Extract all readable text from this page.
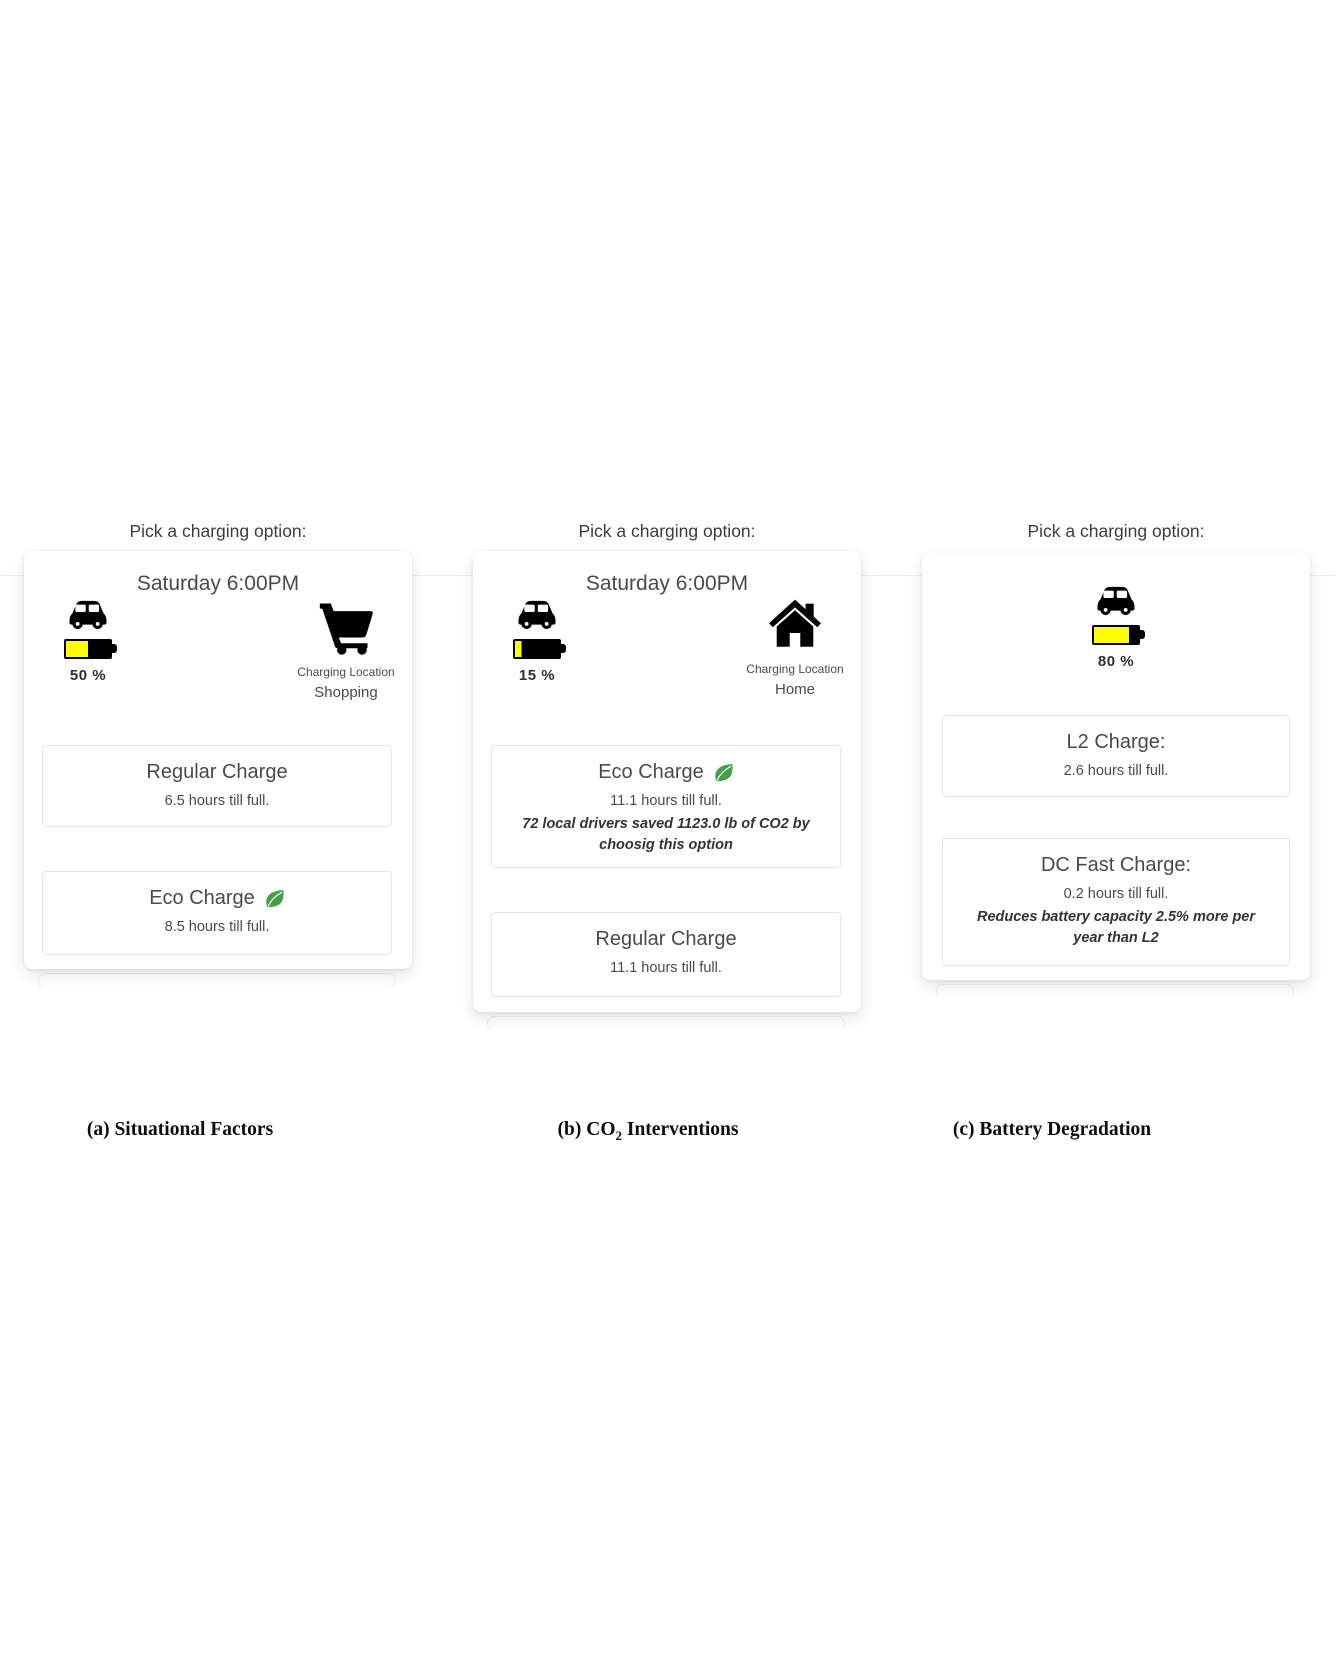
Pick a charging option:
Saturday 6:00PM
50 %	Charging Location
Shopping
Regular Charge
6.5 hours till full.
Eco Charge
8.5 hours till full.
(a) Situational Factors
Pick a charging option:
Saturday 6:00PM
15 %	Charging Location
Home
Eco Charge
11.1 hours till full.
72 local drivers saved 1123.0 lb of CO2 by
choosig this option
Regular Charge
11.1 hours till full.
(b) $CO_2$ Interventions
Pick a charging option:
80 %
L2 Charge:
2.6 hours till full.
DC Fast Charge:
0.2 hours till full.
Reduces battery capacity 2.5% more per
year than L2
(c) Battery Degradation
